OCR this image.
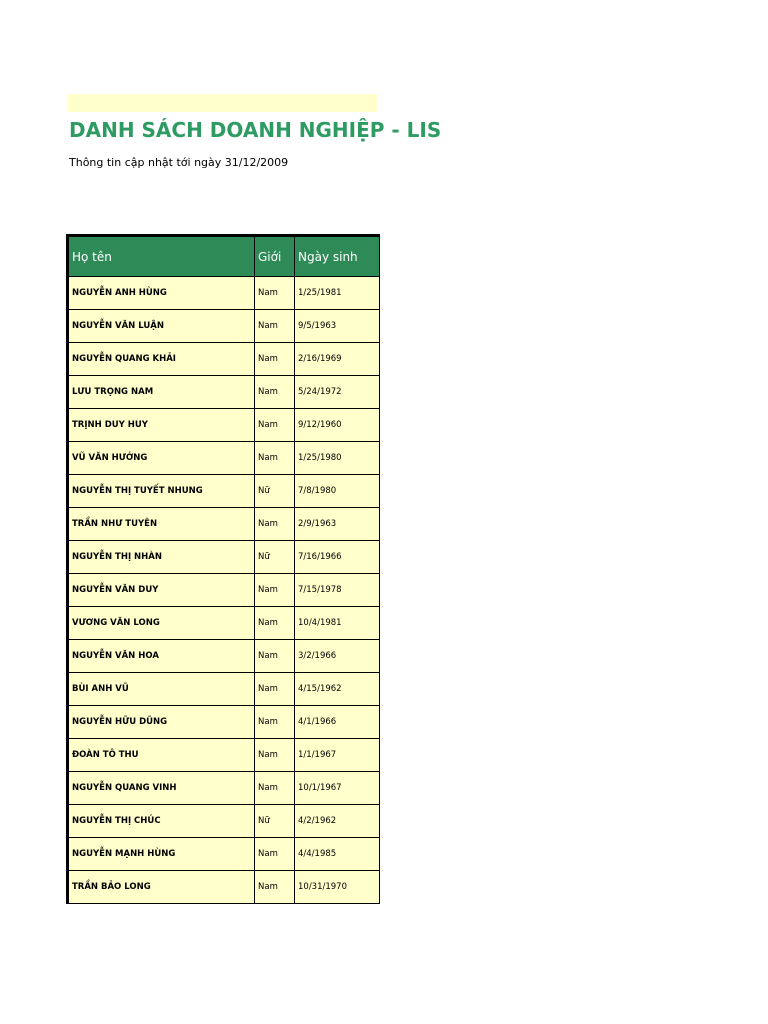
DANH SÁCH DOANH NGHIỆP - LIS
Thông tin cập nhật tới ngày 31/12/2009
Họ tên	Giới	Ngày sinh
NGUYỄN ANH HÙNG	Nam	1/25/1981
NGUYỄN VĂN LUẬN	Nam	9/5/1963
NGUYỄN QUANG KHẢI	Nam	2/16/1969
LƯU TRỌNG NAM	Nam	5/24/1972
TRỊNH DUY HUY	Nam	9/12/1960
VŨ VĂN HƯỚNG	Nam	1/25/1980
NGUYỄN THỊ TUYẾT NHUNG	Nữ	7/8/1980
TRẦN NHƯ TUYÊN	Nam	2/9/1963
NGUYỄN THỊ NHÀN	Nữ	7/16/1966
NGUYỄN VĂN DUY	Nam	7/15/1978
VƯƠNG VĂN LONG	Nam	10/4/1981
NGUYỄN VĂN HOA	Nam	3/2/1966
BÙI ANH VŨ	Nam	4/15/1962
NGUYỄN HỮU DŨNG	Nam	4/1/1966
ĐOÀN TÔ THU	Nam	1/1/1967
NGUYỄN QUANG VINH	Nam	10/1/1967
NGUYỄN THỊ CHÚC	Nữ	4/2/1962
NGUYỄN MẠNH HÙNG	Nam	4/4/1985
TRẦN BẢO LONG	Nam	10/31/1970
